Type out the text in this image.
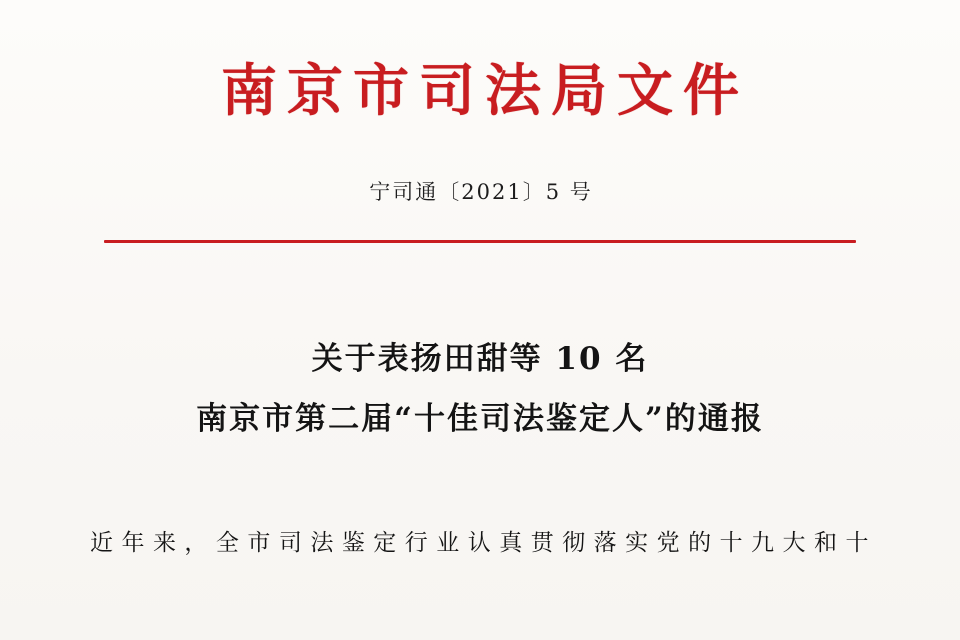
南京市司法局文件
宁司通〔2021〕5 号
关于表扬田甜等 10 名
南京市第二届“十佳司法鉴定人”的通报

近年来，全市司法鉴定行业认真贯彻落实党的十九大和十
